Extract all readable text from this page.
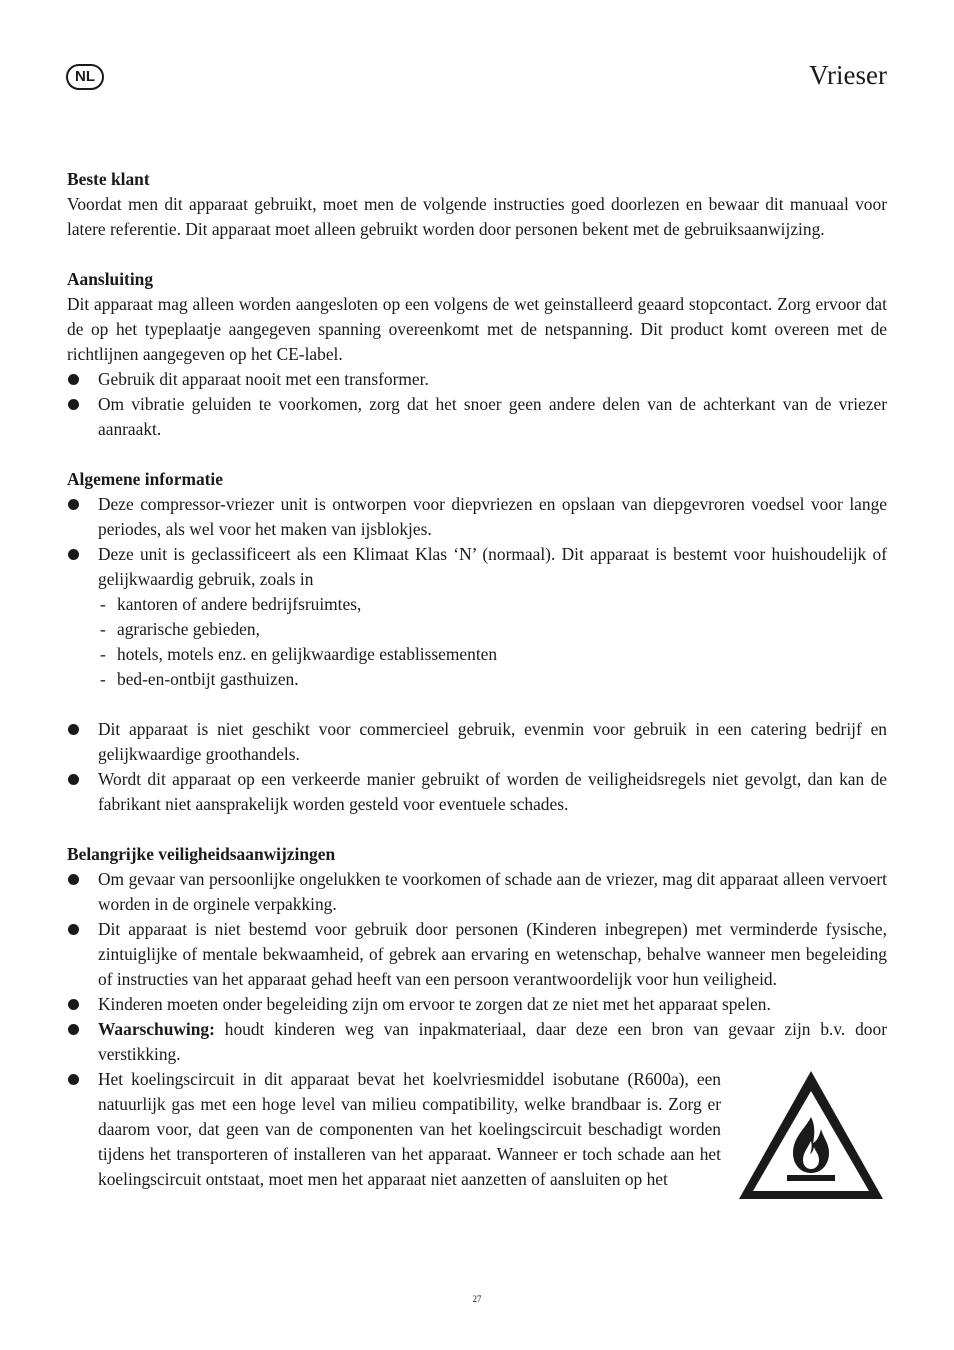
NL	Vrieser
Beste klant

Voordat men dit apparaat gebruikt, moet men de volgende instructies goed doorlezen en bewaar dit manuaal voor latere referentie. Dit apparaat moet alleen gebruikt worden door personen bekent met de gebruiksaanwijzing.

Aansluiting

Dit apparaat mag alleen worden aangesloten op een volgens de wet geinstalleerd geaard stopcontact. Zorg ervoor dat de op het typeplaatje aangegeven spanning overeenkomt met de netspanning. Dit product komt overeen met de richtlijnen aangegeven op het CE-label.

Gebruik dit apparaat nooit met een transformer.
Om vibratie geluiden te voorkomen, zorg dat het snoer geen andere delen van de achterkant van de vriezer aanraakt.
Algemene informatie
Deze compressor-vriezer unit is ontworpen voor diepvriezen en opslaan van diepgevroren voedsel voor lange periodes, als wel voor het maken van ijsblokjes.
Deze unit is geclassificeert als een Klimaat Klas ‘N’ (normaal). Dit apparaat is bestemt voor huishoudelijk of gelijkwaardig gebruik, zoals in
- kantoren of andere bedrijfsruimtes,
- agrarische gebieden,
- hotels, motels enz. en gelijkwaardige establissementen
- bed-en-ontbijt gasthuizen.
Dit apparaat is niet geschikt voor commercieel gebruik, evenmin voor gebruik in een catering bedrijf en gelijkwaardige groothandels.
Wordt dit apparaat op een verkeerde manier gebruikt of worden de veiligheidsregels niet gevolgt, dan kan de fabrikant niet aansprakelijk worden gesteld voor eventuele schades.
Belangrijke veiligheidsaanwijzingen
Om gevaar van persoonlijke ongelukken te voorkomen of schade aan de vriezer, mag dit apparaat alleen vervoert worden in de orginele verpakking.
Dit apparaat is niet bestemd voor gebruik door personen (Kinderen inbegrepen) met verminderde fysische, zintuiglijke of mentale bekwaamheid, of gebrek aan ervaring en wetenschap, behalve wanneer men begeleiding of instructies van het apparaat gehad heeft van een persoon verantwoordelijk voor hun veiligheid.
Kinderen moeten onder begeleiding zijn om ervoor te zorgen dat ze niet met het apparaat spelen.
Waarschuwing: houdt kinderen weg van inpakmateriaal, daar deze een bron van gevaar zijn b.v. door verstikking.
Het koelingscircuit in dit apparaat bevat het koelvriesmiddel isobutane (R600a), een natuurlijk gas met een hoge level van milieu compatibility, welke brandbaar is. Zorg er daarom voor, dat geen van de componenten van het koelingscircuit beschadigt worden tijdens het transporteren of installeren van het apparaat. Wanneer er toch schade aan het koelingscircuit ontstaat, moet men het apparaat niet aanzetten of aansluiten op het
27
